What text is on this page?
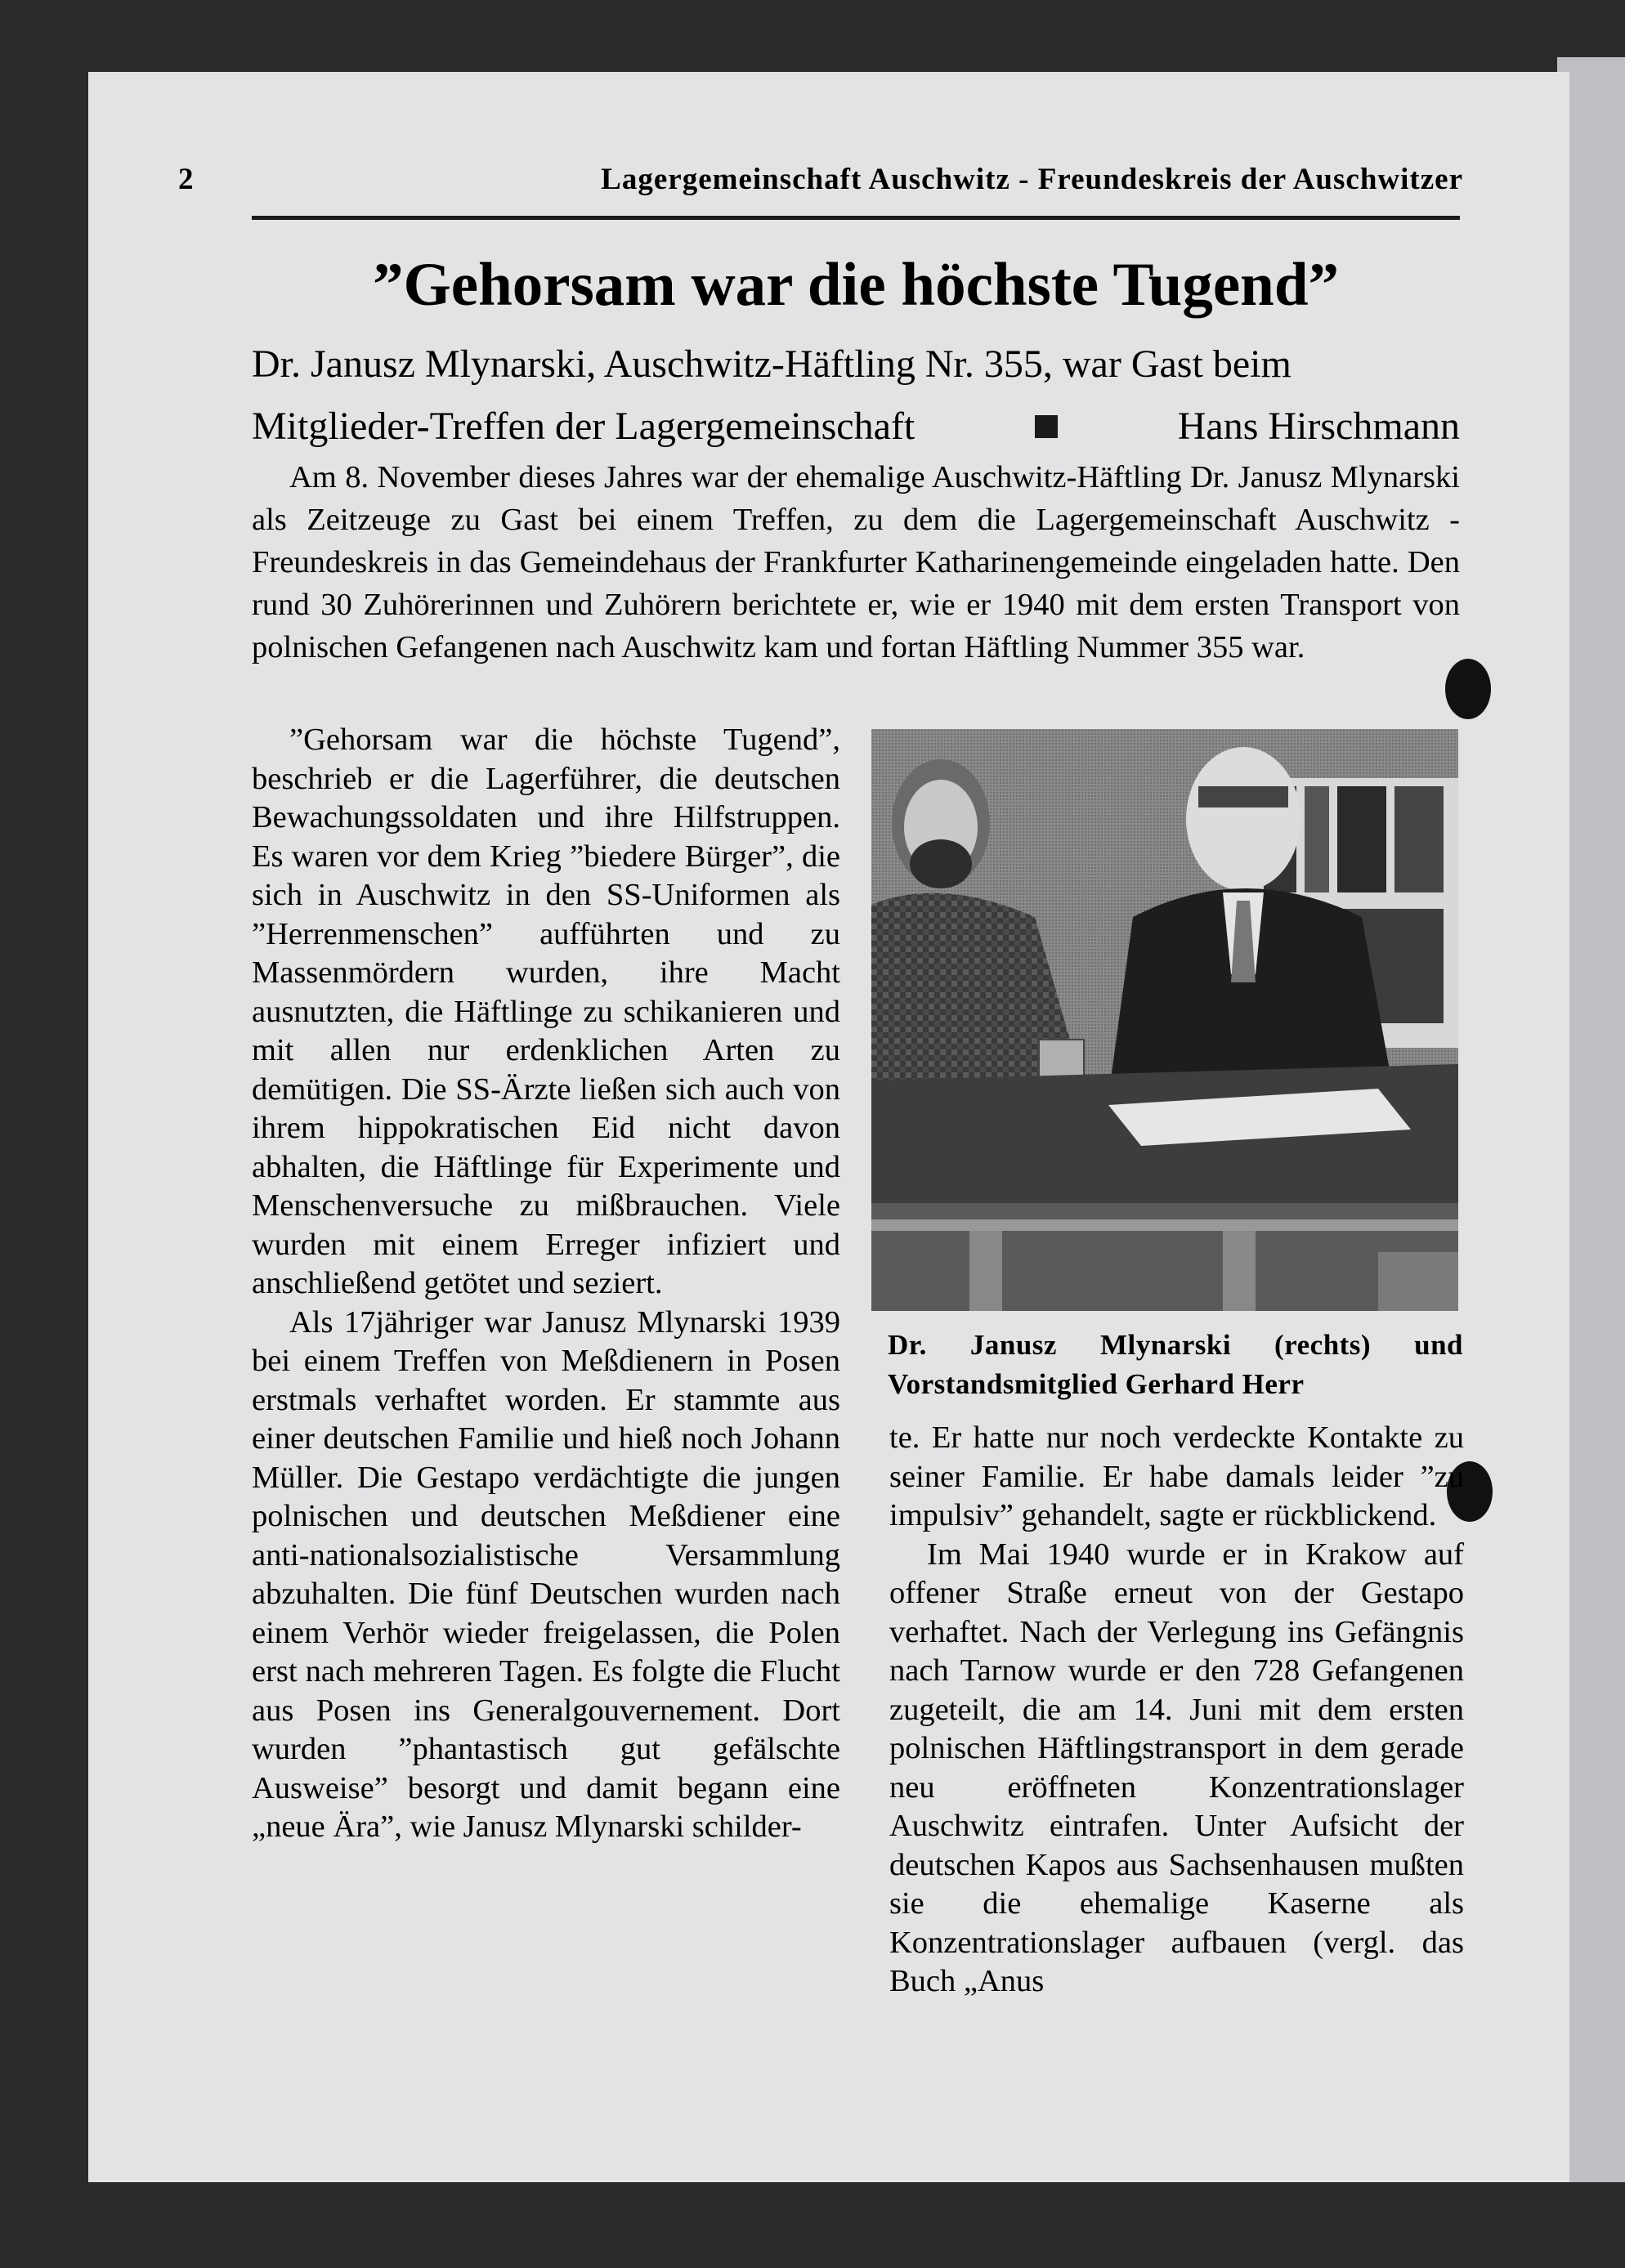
2	Lagergemeinschaft Auschwitz - Freundeskreis der Auschwitzer
”Gehorsam war die höchste Tugend”
Dr. Janusz Mlynarski, Auschwitz-Häftling Nr. 355, war Gast beim
Mitglieder-Treffen der Lagergemeinschaft	Hans Hirschmann
Am 8. November dieses Jahres war der ehemalige Auschwitz-Häftling Dr. Janusz Mlynarski als Zeitzeuge zu Gast bei einem Treffen, zu dem die Lagergemeinschaft Auschwitz - Freundeskreis in das Gemeindehaus der Frankfurter Katharinengemeinde eingeladen hatte. Den rund 30 Zuhörerinnen und Zuhörern berichtete er, wie er 1940 mit dem ersten Transport von polnischen Gefangenen nach Auschwitz kam und fortan Häftling Nummer 355 war.

”Gehorsam war die höchste Tugend”, beschrieb er die Lagerführer, die deutschen Bewachungssoldaten und ihre Hilfstruppen. Es waren vor dem Krieg ”biedere Bürger”, die sich in Auschwitz in den SS-Uniformen als ”Herrenmenschen” aufführten und zu Massenmördern wurden, ihre Macht ausnutzten, die Häftlinge zu schikanieren und mit allen nur erdenklichen Arten zu demütigen. Die SS-Ärzte ließen sich auch von ihrem hippokratischen Eid nicht davon abhalten, die Häftlinge für Experimente und Menschenversuche zu mißbrauchen. Viele wurden mit einem Erreger infiziert und anschließend getötet und seziert.

Als 17jähriger war Janusz Mlynarski 1939 bei einem Treffen von Meßdienern in Posen erstmals verhaftet worden. Er stammte aus einer deutschen Familie und hieß noch Johann Müller. Die Gestapo verdächtigte die jungen polnischen und deutschen Meßdiener eine anti-nationalsozialistische Versammlung abzuhalten. Die fünf Deutschen wurden nach einem Verhör wieder freigelassen, die Polen erst nach mehreren Tagen. Es folgte die Flucht aus Posen ins Generalgouvernement. Dort wurden ”phantastisch gut gefälschte Ausweise” besorgt und damit begann eine „neue Ära”, wie Janusz Mlynarski schilder-

Dr. Janusz Mlynarski (rechts) und Vorstandsmitglied Gerhard Herr

te. Er hatte nur noch verdeckte Kontakte zu seiner Familie. Er habe damals leider ”zu impulsiv” gehandelt, sagte er rückblickend.

Im Mai 1940 wurde er in Krakow auf offener Straße erneut von der Gestapo verhaftet. Nach der Verlegung ins Gefängnis nach Tarnow wurde er den 728 Gefangenen zugeteilt, die am 14. Juni mit dem ersten polnischen Häftlingstransport in dem gerade neu eröffneten Konzentrationslager Auschwitz eintrafen. Unter Aufsicht der deutschen Kapos aus Sachsenhausen mußten sie die ehemalige Kaserne als Konzentrationslager aufbauen (vergl. das Buch „Anus
